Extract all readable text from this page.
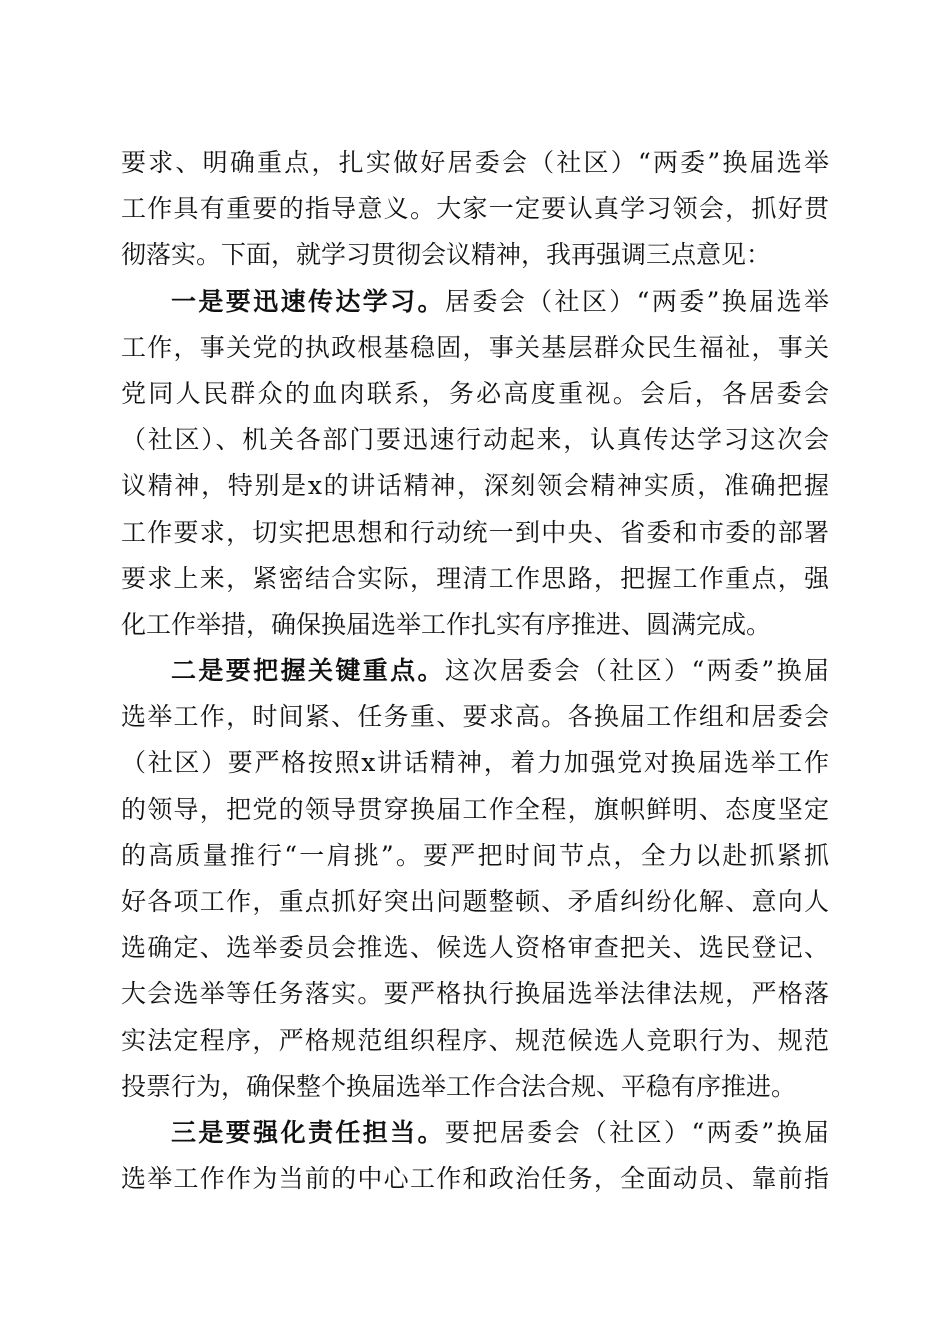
要求、明确重点，扎实做好居委会（社区）“两委”换届选举
工作具有重要的指导意义。大家一定要认真学习领会，抓好贯
彻落实。下面，就学习贯彻会议精神，我再强调三点意见：
一是要迅速传达学习。居委会（社区）“两委”换届选举
工作，事关党的执政根基稳固，事关基层群众民生福祉，事关
党同人民群众的血肉联系，务必高度重视。会后，各居委会
（社区）、机关各部门要迅速行动起来，认真传达学习这次会
议精神，特别是x的讲话精神，深刻领会精神实质，准确把握
工作要求，切实把思想和行动统一到中央、省委和市委的部署
要求上来，紧密结合实际，理清工作思路，把握工作重点，强
化工作举措，确保换届选举工作扎实有序推进、圆满完成。
二是要把握关键重点。这次居委会（社区）“两委”换届
选举工作，时间紧、任务重、要求高。各换届工作组和居委会
（社区）要严格按照x讲话精神，着力加强党对换届选举工作
的领导，把党的领导贯穿换届工作全程，旗帜鲜明、态度坚定
的高质量推行“一肩挑”。要严把时间节点，全力以赴抓紧抓
好各项工作，重点抓好突出问题整顿、矛盾纠纷化解、意向人
选确定、选举委员会推选、候选人资格审查把关、选民登记、
大会选举等任务落实。要严格执行换届选举法律法规，严格落
实法定程序，严格规范组织程序、规范候选人竞职行为、规范
投票行为，确保整个换届选举工作合法合规、平稳有序推进。
三是要强化责任担当。要把居委会（社区）“两委”换届
选举工作作为当前的中心工作和政治任务，全面动员、靠前指
